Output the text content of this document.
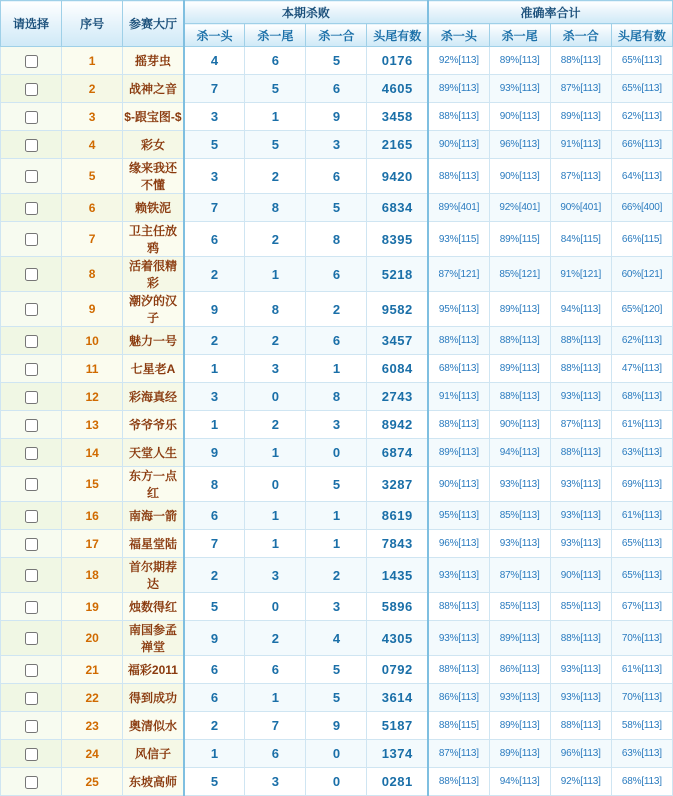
请选择	序号	参赛大厅	本期杀败				准确率合计			
			杀一头	杀一尾	杀一合	头尾有数	杀一头	杀一尾	杀一合	头尾有数
	1	摇芽虫	4	6	5	0176	92%[113]	89%[113]	88%[113]	65%[113]
	2	战神之音	7	5	6	4605	89%[113]	93%[113]	87%[113]	65%[113]
	3	$-跟宝图-$	3	1	9	3458	88%[113]	90%[113]	89%[113]	62%[113]
	4	彩女	5	5	3	2165	90%[113]	96%[113]	91%[113]	66%[113]
	5	缘来我还不懂	3	2	6	9420	88%[113]	90%[113]	87%[113]	64%[113]
	6	赖铁泥	7	8	5	6834	89%[401]	92%[401]	90%[401]	66%[400]
	7	卫主任放鸦	6	2	8	8395	93%[115]	89%[115]	84%[115]	66%[115]
	8	活着很精彩	2	1	6	5218	87%[121]	85%[121]	91%[121]	60%[121]
	9	潮汐的汉子	9	8	2	9582	95%[113]	89%[113]	94%[113]	65%[120]
	10	魅力一号	2	2	6	3457	88%[113]	88%[113]	88%[113]	62%[113]
	11	七星老A	1	3	1	6084	68%[113]	89%[113]	88%[113]	47%[113]
	12	彩海真经	3	0	8	2743	91%[113]	88%[113]	93%[113]	68%[113]
	13	爷爷爷乐	1	2	3	8942	88%[113]	90%[113]	87%[113]	61%[113]
	14	天堂人生	9	1	0	6874	89%[113]	94%[113]	88%[113]	63%[113]
	15	东方一点红	8	0	5	3287	90%[113]	93%[113]	93%[113]	69%[113]
	16	南海一箭	6	1	1	8619	95%[113]	85%[113]	93%[113]	61%[113]
	17	福星堂陆	7	1	1	7843	96%[113]	93%[113]	93%[113]	65%[113]
	18	首尔期荐达	2	3	2	1435	93%[113]	87%[113]	90%[113]	65%[113]
	19	烛数得红	5	0	3	5896	88%[113]	85%[113]	85%[113]	67%[113]
	20	南国参孟禅堂	9	2	4	4305	93%[113]	89%[113]	88%[113]	70%[113]
	21	福彩2011	6	6	5	0792	88%[113]	86%[113]	93%[113]	61%[113]
	22	得到成功	6	1	5	3614	86%[113]	93%[113]	93%[113]	70%[113]
	23	奥清似水	2	7	9	5187	88%[115]	89%[113]	88%[113]	58%[113]
	24	风信子	1	6	0	1374	87%[113]	89%[113]	96%[113]	63%[113]
	25	东坡高师	5	3	0	0281	88%[113]	94%[113]	92%[113]	68%[113]
